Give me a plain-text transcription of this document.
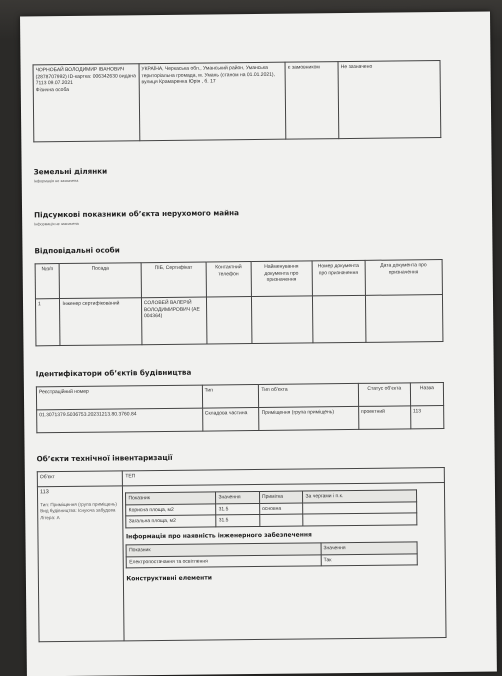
ЧОРНОБАЙ ВОЛОДИМИР ІВАНОВИЧ (2878707992) ID-картка: 006342630 видана 7113 09.07.2021
Фізична особа
	УКРАЇНА, Черкаська обл., Уманський район, Уманська територіальна громада, м. Умань (станом на 01.01.2021), вулиця Крамаренка Юрія , б. 17	є замовником	Не зазначено

Земельні ділянки

Інформація не зазначена

Підсумкові показники об’єкта нерухомого майна

Інформація не зазначена

Відповідальні особи

№з/п	Посада	ПІБ, Сертифікат	Контактний телефон	Найменування документа про призначення	Номер документа про призначення	Дата документа про призначення
1	Інженер сертифікований	СОЛОВЕЙ ВАЛЕРІЙ ВОЛОДИМИРОВИЧ (АЕ 004364)				

Ідентифікатори об’єктів будівництва

Реєстраційний номер	Тип	Тип об’єкта	Статус об’єкта	Назва
01.3071379.5036753.20231213.80.3760.84	Складова частина	Приміщення (група приміщень)	проектний	113

Об’єкти технічної інвентаризації

Об’єкт	ТЕП

113
Тип: Приміщення (група приміщень) Вид будівництва: Існуюча забудова Літера: А

Показник	Значення	Примітка	За чергами і п.к.
Корисна площа, м2	31.5	основна	
Загальна площа, м2	31.5		

Інформація про наявність інженерного забезпечення

Показник	Значення
Електропостачання та освітлення	Так

Конструктивні елементи
